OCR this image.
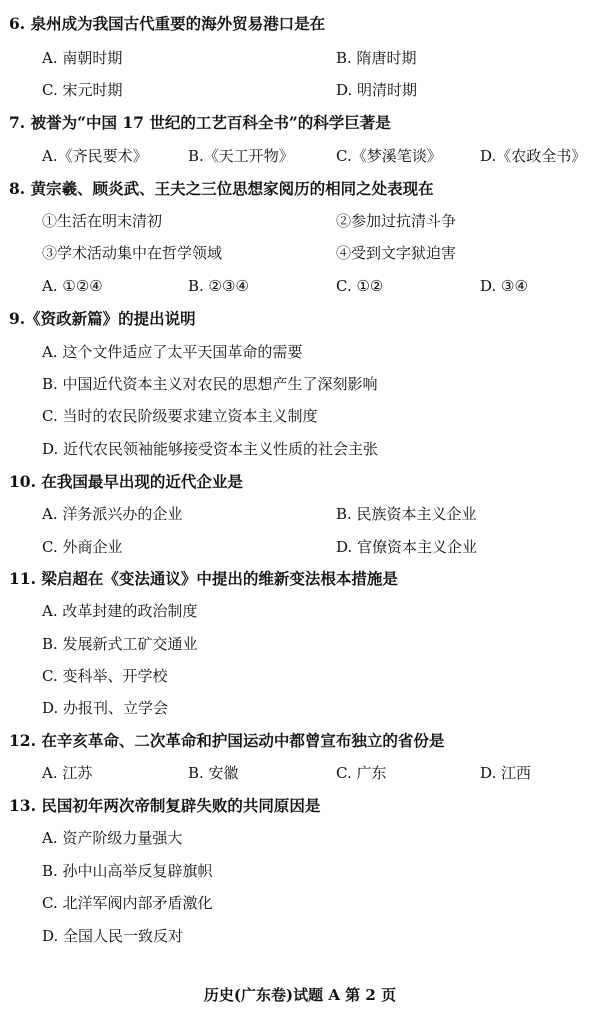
6. 泉州成为我国古代重要的海外贸易港口是在
A. 南朝时期	B. 隋唐时期
C. 宋元时期	D. 明清时期
7. 被誉为“中国 17 世纪的工艺百科全书”的科学巨著是
A.《齐民要术》	B.《天工开物》	C.《梦溪笔谈》	D.《农政全书》
8. 黄宗羲、顾炎武、王夫之三位思想家阅历的相同之处表现在
①生活在明末清初	②参加过抗清斗争
③学术活动集中在哲学领域	④受到文字狱迫害
A. ①②④	B. ②③④	C. ①②	D. ③④
9.《资政新篇》的提出说明
A. 这个文件适应了太平天国革命的需要
B. 中国近代资本主义对农民的思想产生了深刻影响
C. 当时的农民阶级要求建立资本主义制度
D. 近代农民领袖能够接受资本主义性质的社会主张
10. 在我国最早出现的近代企业是
A. 洋务派兴办的企业	B. 民族资本主义企业
C. 外商企业	D. 官僚资本主义企业
11. 梁启超在《变法通议》中提出的维新变法根本措施是
A. 改革封建的政治制度
B. 发展新式工矿交通业
C. 变科举、开学校
D. 办报刊、立学会
12. 在辛亥革命、二次革命和护国运动中都曾宣布独立的省份是
A. 江苏	B. 安徽	C. 广东	D. 江西
13. 民国初年两次帝制复辟失败的共同原因是
A. 资产阶级力量强大
B. 孙中山高举反复辟旗帜
C. 北洋军阀内部矛盾激化
D. 全国人民一致反对
历史(广东卷)试题 A 第 2 页
